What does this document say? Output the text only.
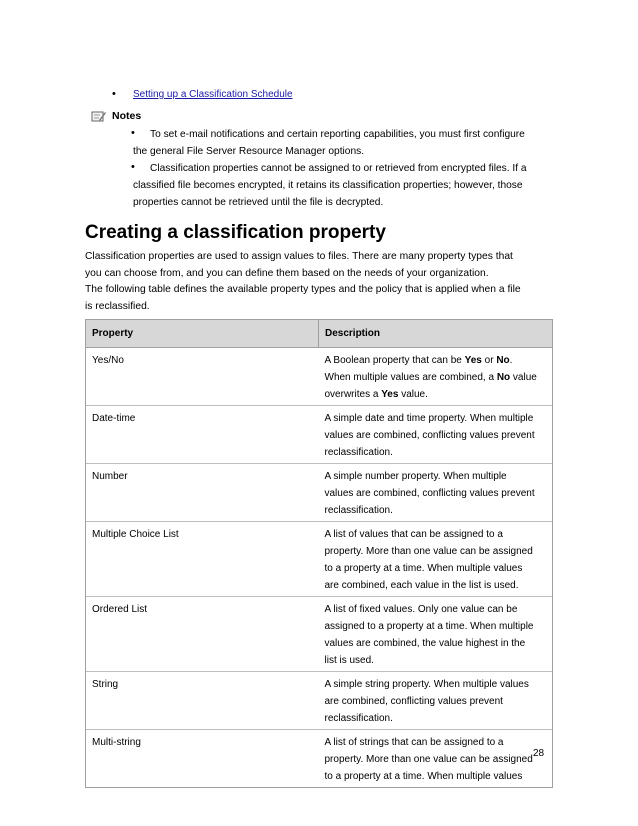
• Setting up a Classification Schedule
Notes
•	To set e-mail notifications and certain reporting capabilities, you must first configure
the general File Server Resource Manager options.
•	Classification properties cannot be assigned to or retrieved from encrypted files. If a
classified file becomes encrypted, it retains its classification properties; however, those
properties cannot be retrieved until the file is decrypted.
Creating a classification property
Classification properties are used to assign values to files. There are many property types that
you can choose from, and you can define them based on the needs of your organization.
The following table defines the available property types and the policy that is applied when a file
is reclassified.
Property	Description
Yes/No	A Boolean property that can be Yes or No.
When multiple values are combined, a No value
overwrites a Yes value.

Date-time	A simple date and time property. When multiple
values are combined, conflicting values prevent
reclassification.

Number	A simple number property. When multiple
values are combined, conflicting values prevent
reclassification.

Multiple Choice List	A list of values that can be assigned to a
property. More than one value can be assigned
to a property at a time. When multiple values
are combined, each value in the list is used.

Ordered List	A list of fixed values. Only one value can be
assigned to a property at a time. When multiple
values are combined, the value highest in the
list is used.

String	A simple string property. When multiple values
are combined, conflicting values prevent
reclassification.

Multi-string	A list of strings that can be assigned to a
property. More than one value can be assigned
to a property at a time. When multiple values
28
